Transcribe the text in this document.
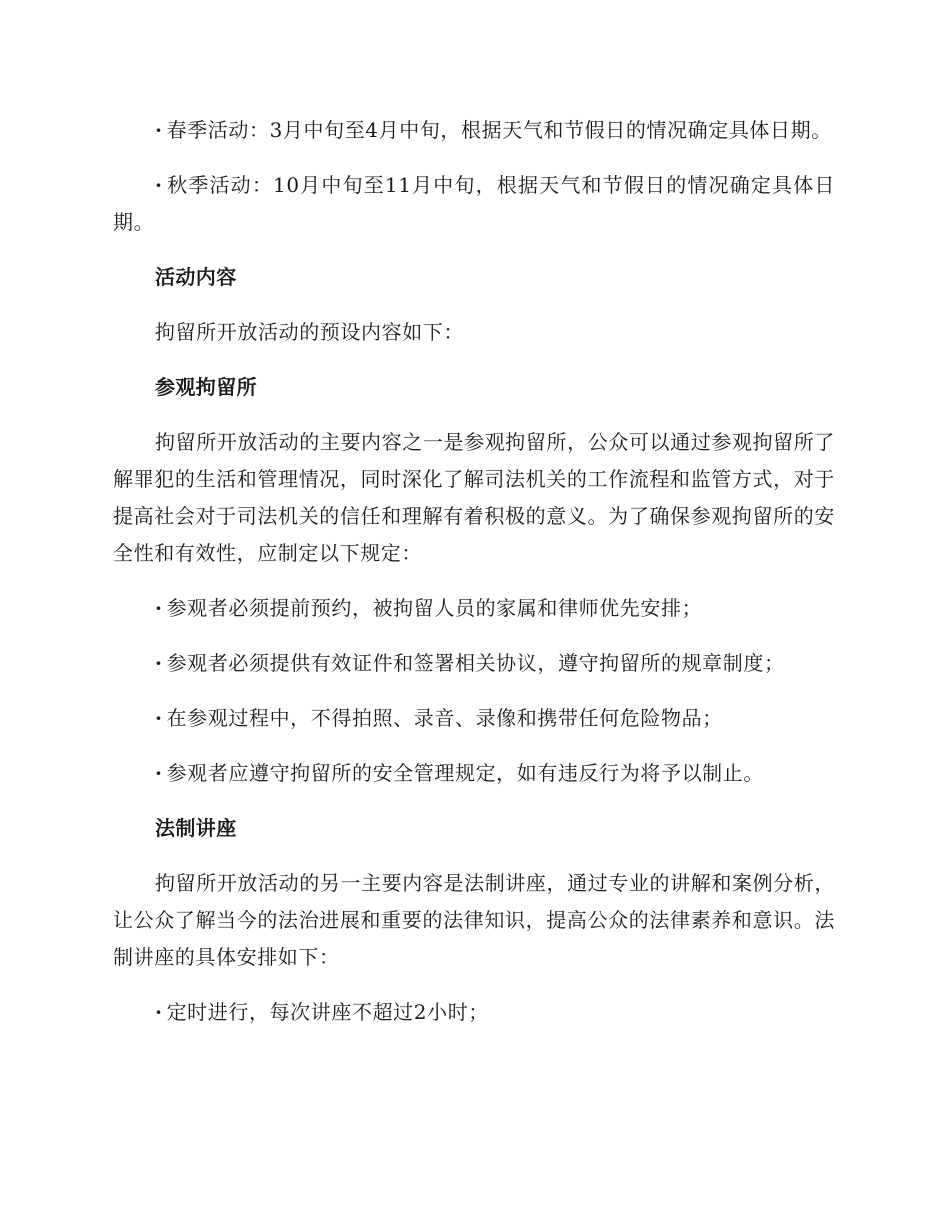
· 春季活动：3月中旬至4月中旬，根据天气和节假日的情况确定具体日期。

· 秋季活动：10月中旬至11月中旬，根据天气和节假日的情况确定具体日期。

活动内容

拘留所开放活动的预设内容如下：

参观拘留所

拘留所开放活动的主要内容之一是参观拘留所，公众可以通过参观拘留所了解罪犯的生活和管理情况，同时深化了解司法机关的工作流程和监管方式，对于提高社会对于司法机关的信任和理解有着积极的意义。为了确保参观拘留所的安全性和有效性，应制定以下规定：

· 参观者必须提前预约，被拘留人员的家属和律师优先安排；

· 参观者必须提供有效证件和签署相关协议，遵守拘留所的规章制度；

· 在参观过程中，不得拍照、录音、录像和携带任何危险物品；

· 参观者应遵守拘留所的安全管理规定，如有违反行为将予以制止。

法制讲座

拘留所开放活动的另一主要内容是法制讲座，通过专业的讲解和案例分析，让公众了解当今的法治进展和重要的法律知识，提高公众的法律素养和意识。法制讲座的具体安排如下：

· 定时进行，每次讲座不超过2小时；
